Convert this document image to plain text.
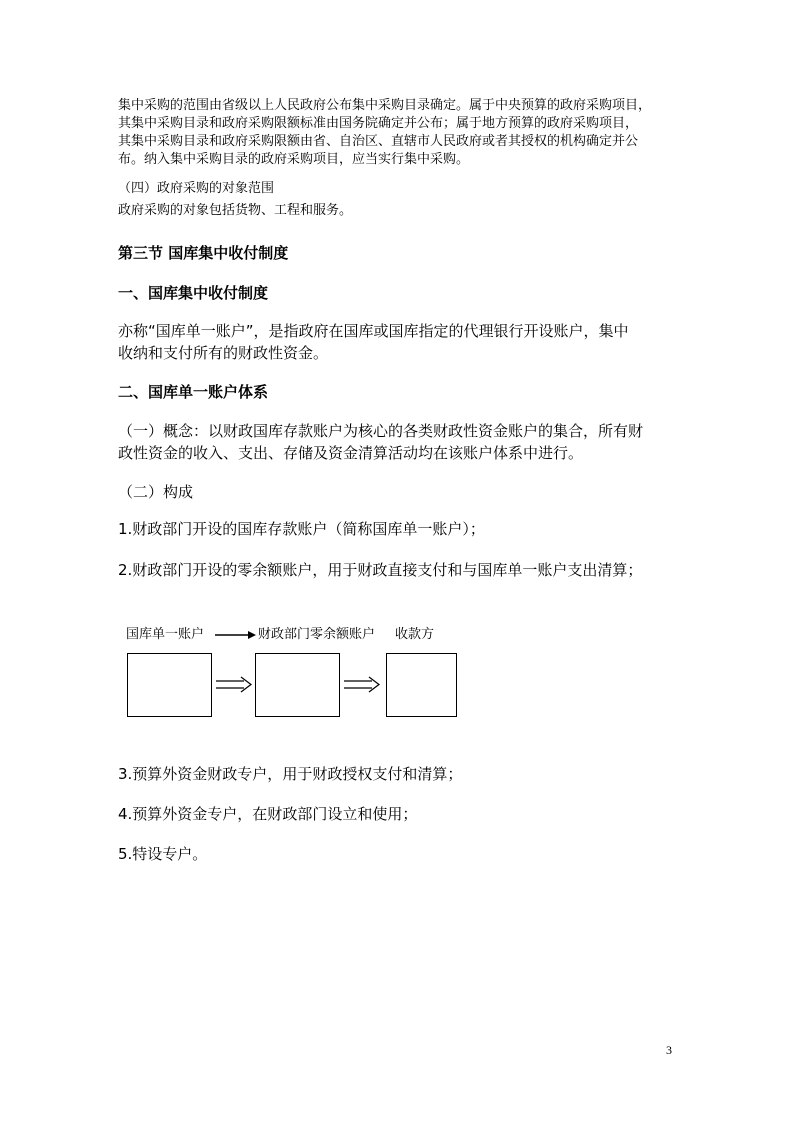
集中采购的范围由省级以上人民政府公布集中采购目录确定。属于中央预算的政府采购项目，
其集中采购目录和政府采购限额标准由国务院确定并公布；属于地方预算的政府采购项目，
其集中采购目录和政府采购限额由省、自治区、直辖市人民政府或者其授权的机构确定并公
布。纳入集中采购目录的政府采购项目，应当实行集中采购。
（四）政府采购的对象范围
政府采购的对象包括货物、工程和服务。
第三节 国库集中收付制度
一、国库集中收付制度
亦称“国库单一账户”，是指政府在国库或国库指定的代理银行开设账户，集中
收纳和支付所有的财政性资金。
二、国库单一账户体系
（一）概念：以财政国库存款账户为核心的各类财政性资金账户的集合，所有财
政性资金的收入、支出、存储及资金清算活动均在该账户体系中进行。
（二）构成
1.财政部门开设的国库存款账户（简称国库单一账户）；
2.财政部门开设的零余额账户，用于财政直接支付和与国库单一账户支出清算；
国库单一账户	财政部门零余额账户 收款方
3.预算外资金财政专户，用于财政授权支付和清算；
4.预算外资金专户，在财政部门设立和使用；
5.特设专户。
3
